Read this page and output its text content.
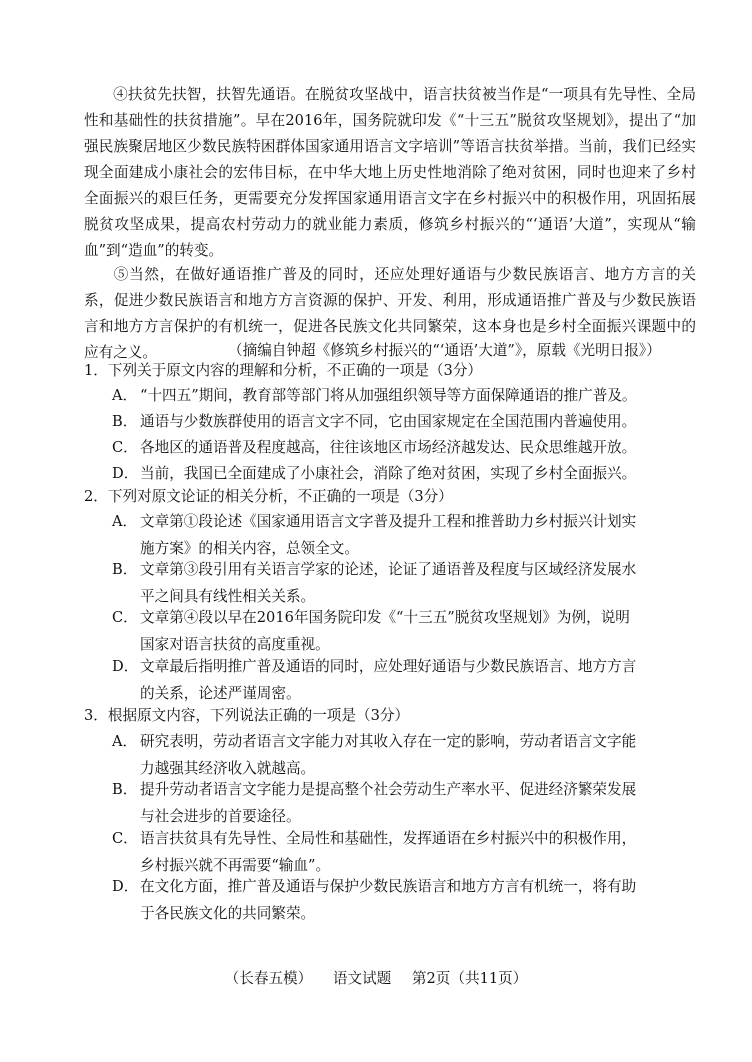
④扶贫先扶智，扶智先通语。在脱贫攻坚战中，语言扶贫被当作是“一项具有先导性、全局性和基础性的扶贫措施”。早在2016年，国务院就印发《“十三五”脱贫攻坚规划》，提出了“加强民族聚居地区少数民族特困群体国家通用语言文字培训”等语言扶贫举措。当前，我们已经实现全面建成小康社会的宏伟目标，在中华大地上历史性地消除了绝对贫困，同时也迎来了乡村全面振兴的艰巨任务，更需要充分发挥国家通用语言文字在乡村振兴中的积极作用，巩固拓展脱贫攻坚成果，提高农村劳动力的就业能力素质，修筑乡村振兴的“‘通语’大道”，实现从“输血”到“造血”的转变。

⑤当然，在做好通语推广普及的同时，还应处理好通语与少数民族语言、地方方言的关系，促进少数民族语言和地方方言资源的保护、开发、利用，形成通语推广普及与少数民族语言和地方方言保护的有机统一，促进各民族文化共同繁荣，这本身也是乡村全面振兴课题中的应有之义。	（摘编自钟超《修筑乡村振兴的“‘通语’大道”》，原载《光明日报》）
1．下列关于原文内容的理解和分析，不正确的一项是（3分）
A． “十四五”期间，教育部等部门将从加强组织领导等方面保障通语的推广普及。
B． 通语与少数族群使用的语言文字不同，它由国家规定在全国范围内普遍使用。
C． 各地区的通语普及程度越高，往往该地区市场经济越发达、民众思维越开放。
D． 当前，我国已全面建成了小康社会，消除了绝对贫困，实现了乡村全面振兴。
2．下列对原文论证的相关分析，不正确的一项是（3分）
A． 文章第①段论述《国家通用语言文字普及提升工程和推普助力乡村振兴计划实
施方案》的相关内容，总领全文。
B． 文章第③段引用有关语言学家的论述，论证了通语普及程度与区域经济发展水
平之间具有线性相关关系。
C． 文章第④段以早在2016年国务院印发《“十三五”脱贫攻坚规划》为例，说明
国家对语言扶贫的高度重视。
D． 文章最后指明推广普及通语的同时，应处理好通语与少数民族语言、地方方言
的关系，论述严谨周密。
3．根据原文内容，下列说法正确的一项是（3分）
A． 研究表明，劳动者语言文字能力对其收入存在一定的影响，劳动者语言文字能
力越强其经济收入就越高。
B． 提升劳动者语言文字能力是提高整个社会劳动生产率水平、促进经济繁荣发展
与社会进步的首要途径。
C． 语言扶贫具有先导性、全局性和基础性，发挥通语在乡村振兴中的积极作用，
乡村振兴就不再需要“输血”。
D． 在文化方面，推广普及通语与保护少数民族语言和地方方言有机统一，将有助
于各民族文化的共同繁荣。
（长春五模） 语文试题 第2页（共11页）
